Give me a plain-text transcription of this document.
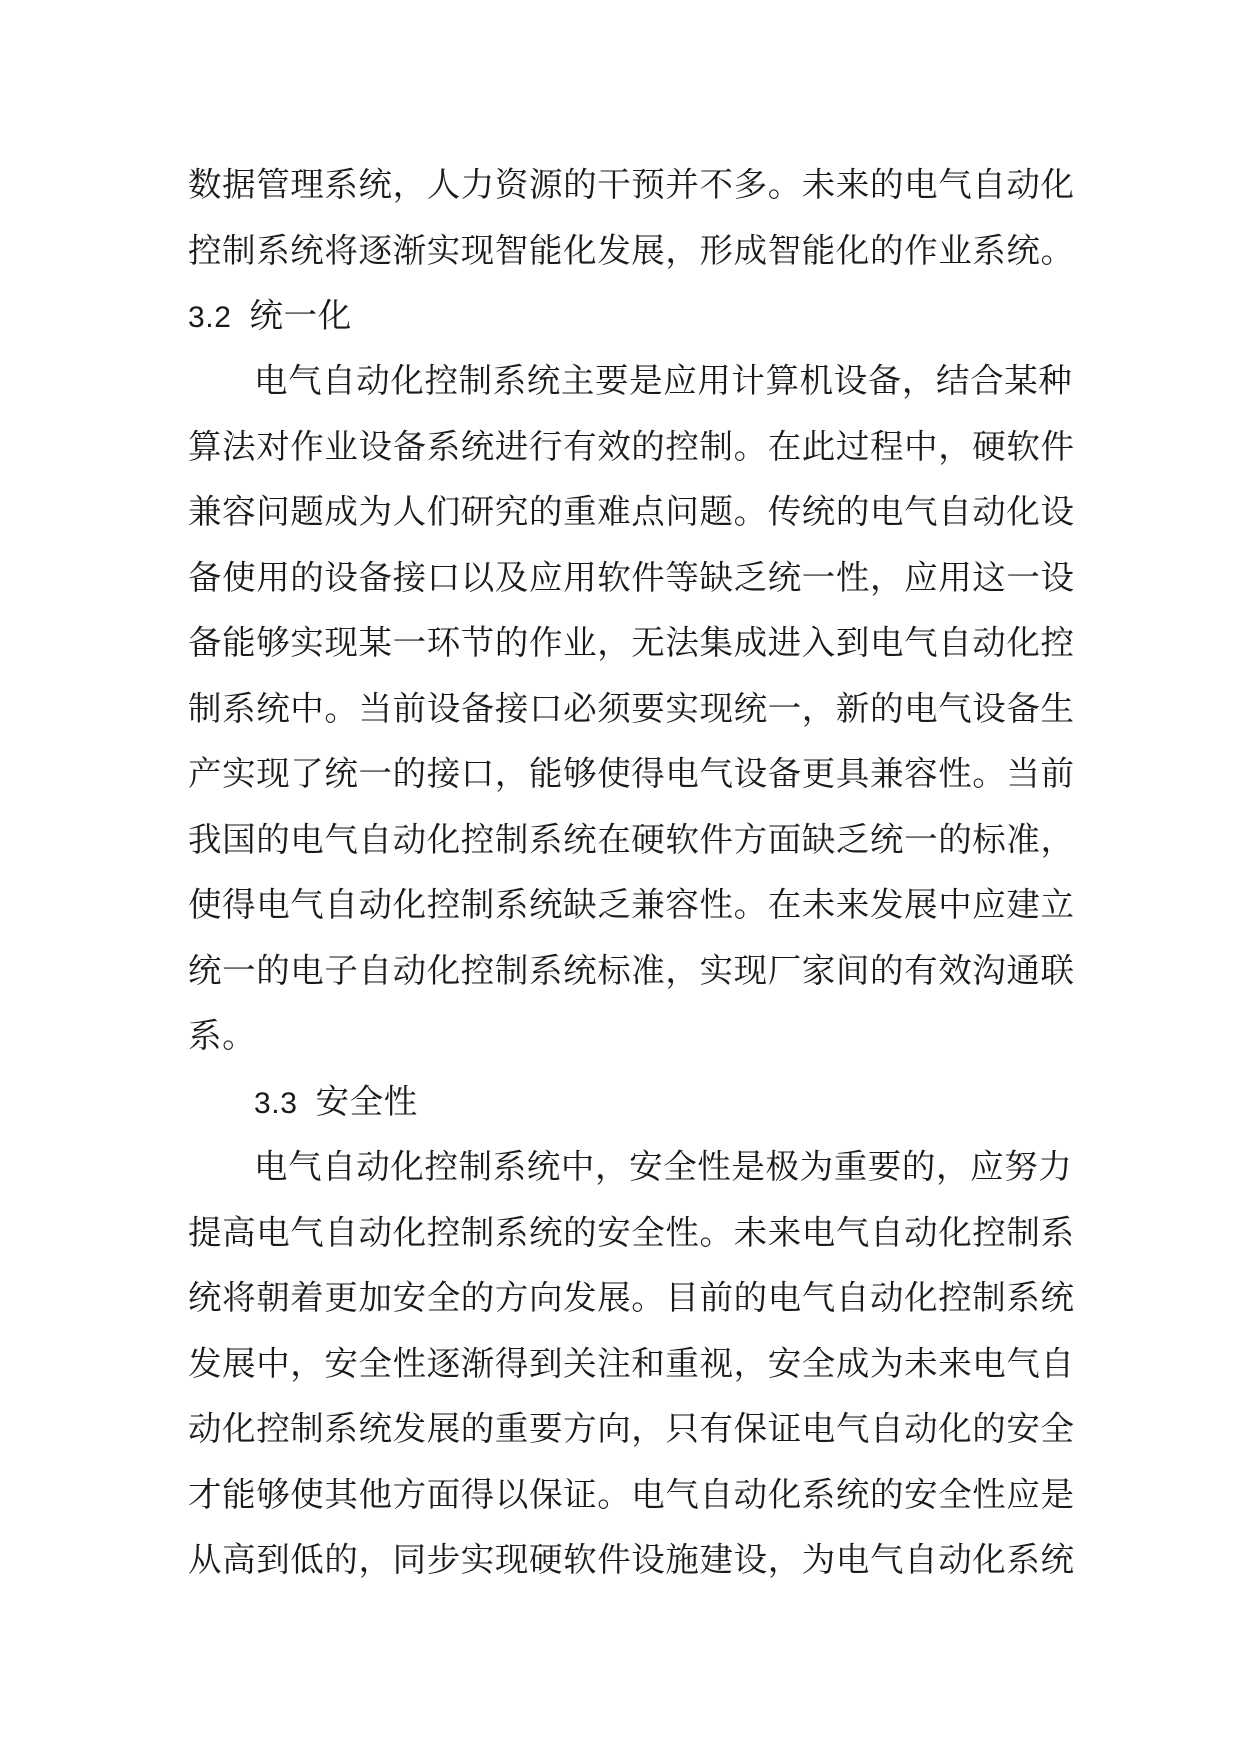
数据管理系统，人力资源的干预并不多。未来的电气自动化
控制系统将逐渐实现智能化发展，形成智能化的作业系统。
3.2 统一化
电气自动化控制系统主要是应用计算机设备，结合某种
算法对作业设备系统进行有效的控制。在此过程中，硬软件
兼容问题成为人们研究的重难点问题。传统的电气自动化设
备使用的设备接口以及应用软件等缺乏统一性，应用这一设
备能够实现某一环节的作业，无法集成进入到电气自动化控
制系统中。当前设备接口必须要实现统一，新的电气设备生
产实现了统一的接口，能够使得电气设备更具兼容性。当前
我国的电气自动化控制系统在硬软件方面缺乏统一的标准，
使得电气自动化控制系统缺乏兼容性。在未来发展中应建立
统一的电子自动化控制系统标准，实现厂家间的有效沟通联
系。
3.3 安全性
电气自动化控制系统中，安全性是极为重要的，应努力
提高电气自动化控制系统的安全性。未来电气自动化控制系
统将朝着更加安全的方向发展。目前的电气自动化控制系统
发展中，安全性逐渐得到关注和重视，安全成为未来电气自
动化控制系统发展的重要方向，只有保证电气自动化的安全
才能够使其他方面得以保证。电气自动化系统的安全性应是
从高到低的，同步实现硬软件设施建设，为电气自动化系统
